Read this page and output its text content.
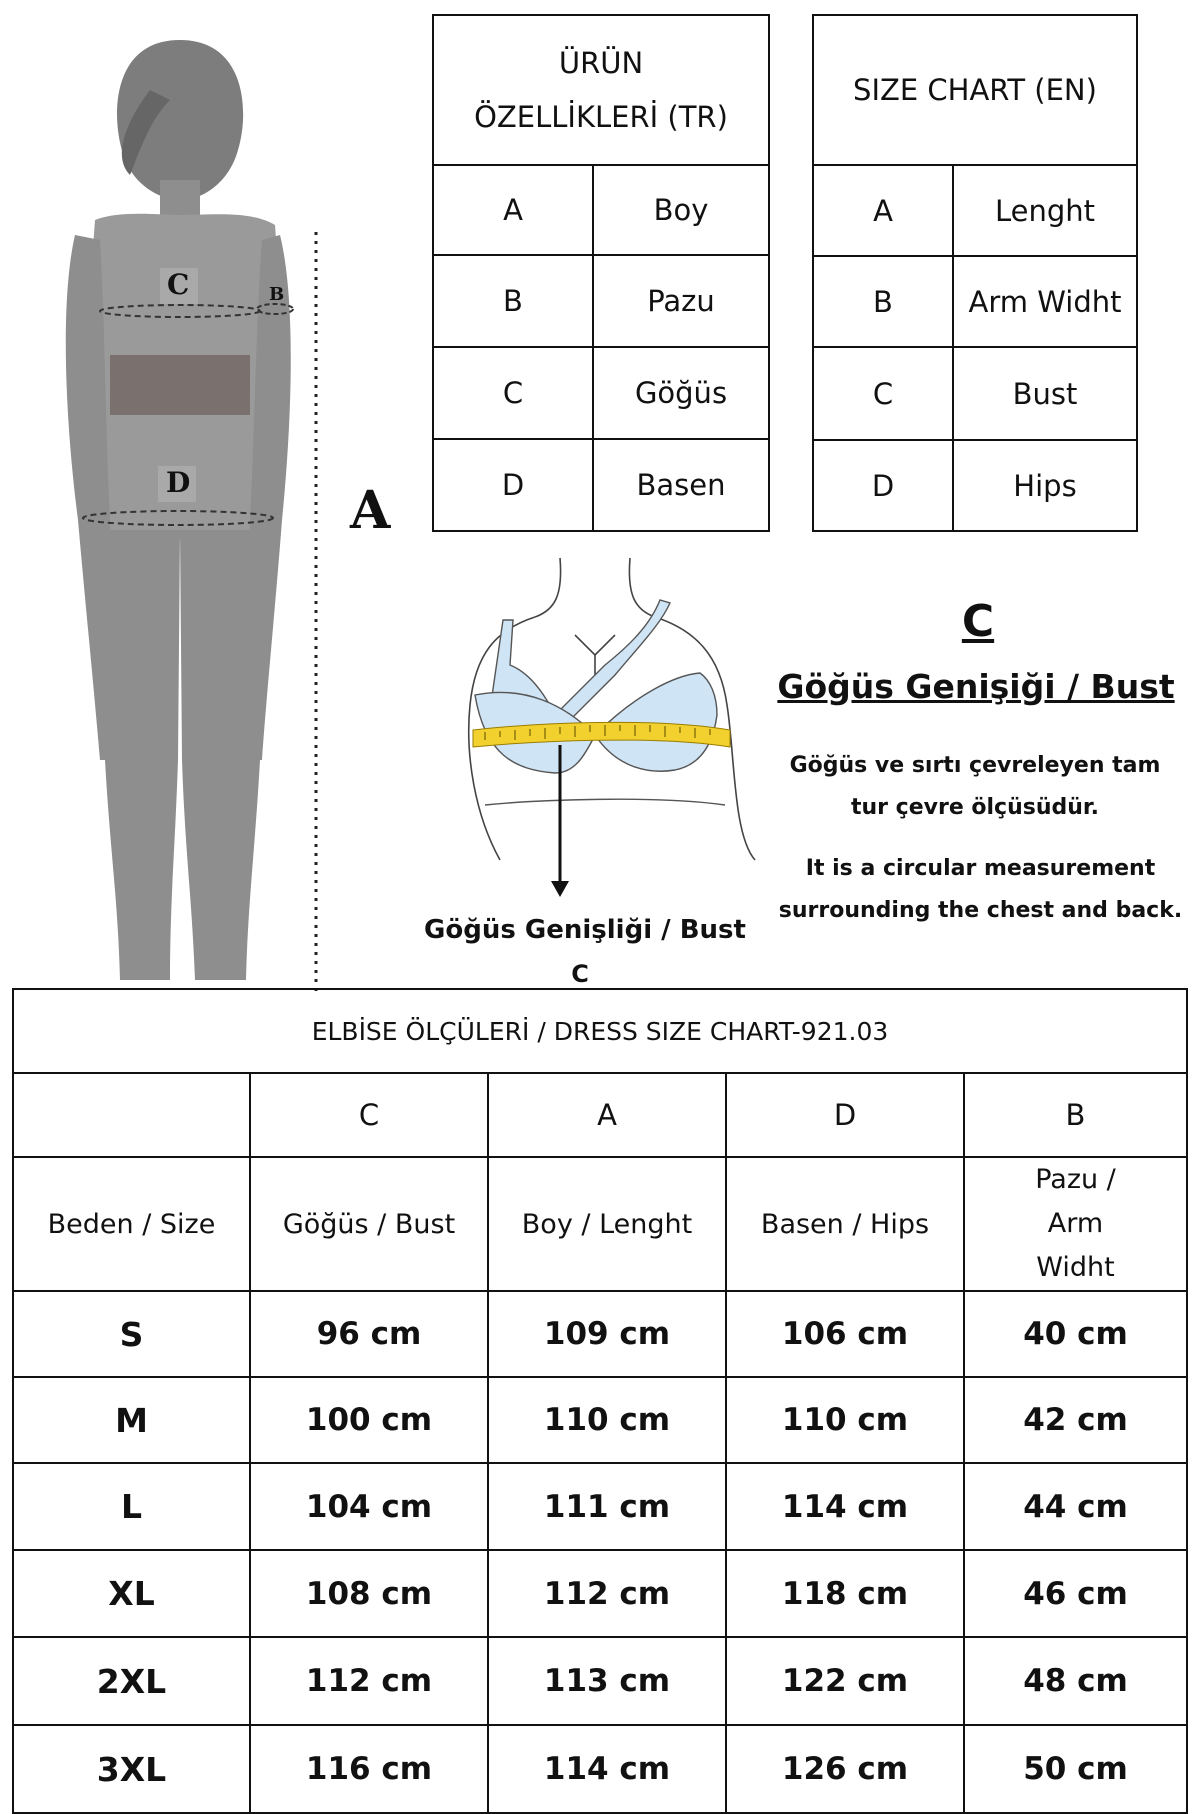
C	B
D	A
ÜRÜN ÖZELLİKLERİ (TR)	
A	Boy
B	Pazu
C	Göğüs
D	Basen
SIZE CHART (EN)	
A	Lenght
B	Arm Widht
C	Bust
D	Hips
Göğüs Genişliği / Bust
C
C
Göğüs Genişiği / Bust
Göğüs ve sırtı çevreleyen tam tur çevre ölçüsüdür.
It is a circular measurement surrounding the chest and back.
ELBİSE ÖLÇÜLERİ / DRESS SIZE CHART-921.03				
	C	A	D	B
Beden / Size	Göğüs / Bust	Boy / Lenght	Basen / Hips	Pazu / Arm Widht
S	96 cm	109 cm	106 cm	40 cm
M	100 cm	110 cm	110 cm	42 cm
L	104 cm	111 cm	114 cm	44 cm
XL	108 cm	112 cm	118 cm	46 cm
2XL	112 cm	113 cm	122 cm	48 cm
3XL	116 cm	114 cm	126 cm	50 cm
